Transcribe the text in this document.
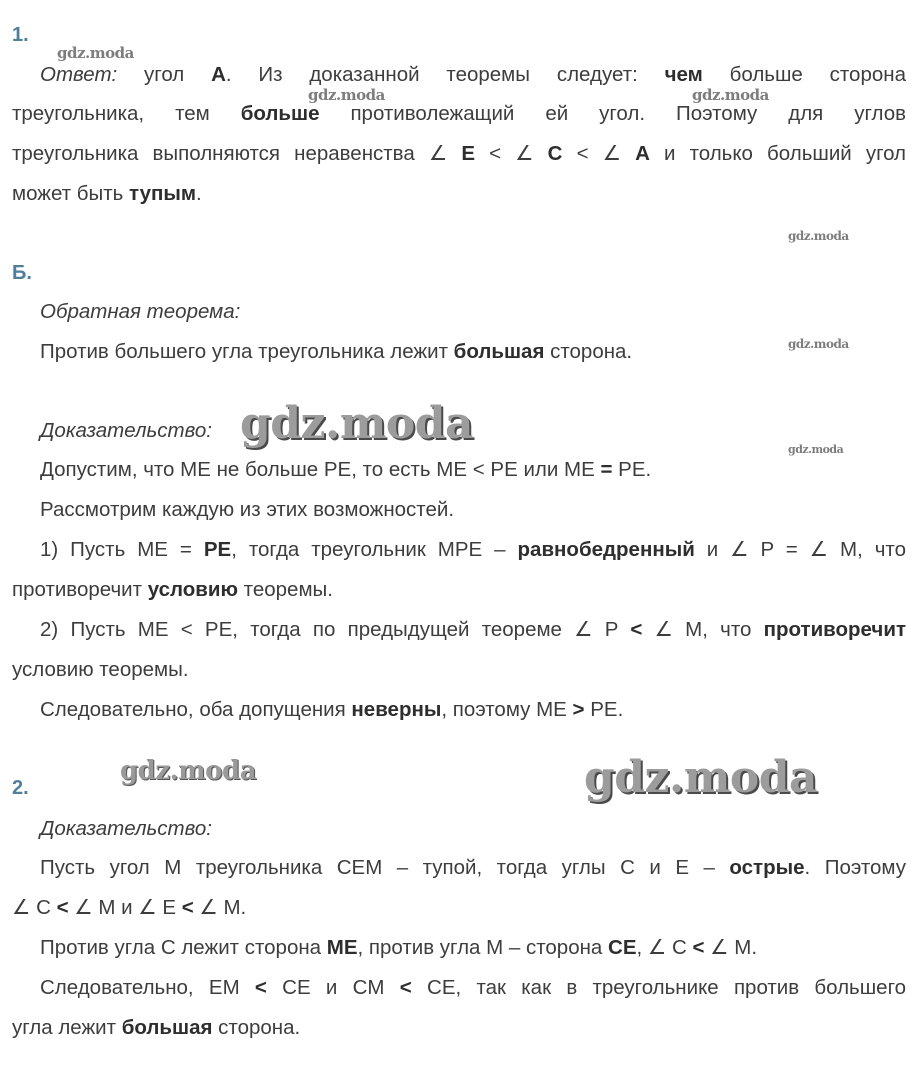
1.
Ответ: угол А. Из доказанной теоремы следует: чем больше сторона
треугольника, тем больше противолежащий ей угол. Поэтому для углов
треугольника выполняются неравенства ∠ E < ∠ C < ∠ A и только больший угол
может быть тупым.
Б.
Обратная теорема:
Против большего угла треугольника лежит большая сторона.
Доказательство:
Допустим, что ME не больше PE, то есть ME < PE или ME = PE.
Рассмотрим каждую из этих возможностей.
1) Пусть ME = PE, тогда треугольник MPE – равнобедренный и ∠ P = ∠ M, что
противоречит условию теоремы.
2) Пусть ME < PE, тогда по предыдущей теореме ∠ P < ∠ M, что противоречит
условию теоремы.
Следовательно, оба допущения неверны, поэтому ME > PE.
2.
Доказательство:
Пусть угол M треугольника CEM – тупой, тогда углы C и E – острые. Поэтому
∠ C < ∠ M и ∠ E < ∠ M.
Против угла C лежит сторона ME, против угла M – сторона CE, ∠ C < ∠ M.
Следовательно, EM < CE и CM < CE, так как в треугольнике против большего
угла лежит большая сторона.
gdz.moda
gdz.moda	gdz.moda
gdz.moda
gdz.moda
gdz.moda
gdz.moda
gdz.moda	gdz.moda
